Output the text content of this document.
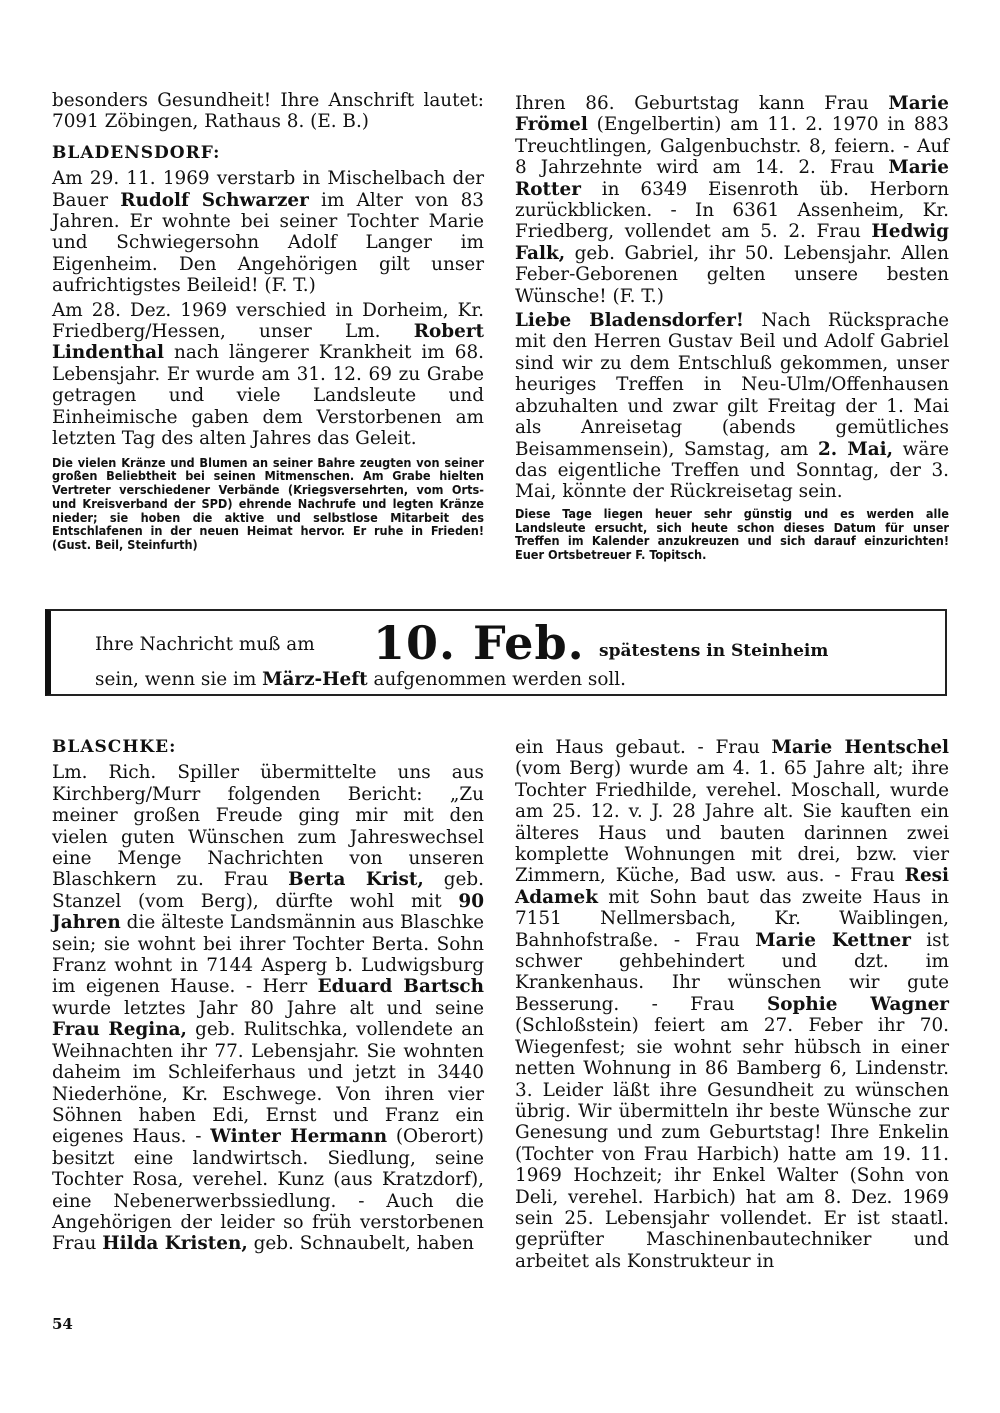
besonders Gesundheit! Ihre Anschrift lautet: 7091 Zöbingen, Rathaus 8. (E. B.)

BLADENSDORF:

Am 29. 11. 1969 verstarb in Mischelbach der Bauer Rudolf Schwarzer im Alter von 83 Jahren. Er wohnte bei seiner Tochter Marie und Schwiegersohn Adolf Langer im Eigenheim. Den Angehörigen gilt unser aufrichtigstes Beileid! (F. T.)

Am 28. Dez. 1969 verschied in Dorheim, Kr. Friedberg/Hessen, unser Lm. Robert Lindenthal nach längerer Krankheit im 68. Lebensjahr. Er wurde am 31. 12. 69 zu Grabe getragen und viele Landsleute und Einheimische gaben dem Verstorbenen am letzten Tag des alten Jahres das Geleit.

Die vielen Kränze und Blumen an seiner Bahre zeugten von seiner großen Beliebtheit bei seinen Mitmenschen. Am Grabe hielten Vertreter verschiedener Verbände (Kriegsversehrten, vom Orts- und Kreisverband der SPD) ehrende Nachrufe und legten Kränze nieder; sie hoben die aktive und selbstlose Mitarbeit des Entschlafenen in der neuen Heimat hervor. Er ruhe in Frieden! (Gust. Beil, Steinfurth)

Ihren 86. Geburtstag kann Frau Marie Frömel (Engelbertin) am 11. 2. 1970 in 883 Treuchtlingen, Galgenbuchstr. 8, feiern. - Auf 8 Jahrzehnte wird am 14. 2. Frau Marie Rotter in 6349 Eisenroth üb. Herborn zurückblicken. - In 6361 Assenheim, Kr. Friedberg, vollendet am 5. 2. Frau Hedwig Falk, geb. Gabriel, ihr 50. Lebensjahr. Allen Feber-Geborenen gelten unsere besten Wünsche! (F. T.)

Liebe Bladensdorfer! Nach Rücksprache mit den Herren Gustav Beil und Adolf Gabriel sind wir zu dem Entschluß gekommen, unser heuriges Treffen in Neu-Ulm/Offenhausen abzuhalten und zwar gilt Freitag der 1. Mai als Anreisetag (abends gemütliches Beisammensein), Samstag, am 2. Mai, wäre das eigentliche Treffen und Sonntag, der 3. Mai, könnte der Rückreisetag sein.

Diese Tage liegen heuer sehr günstig und es werden alle Landsleute ersucht, sich heute schon dieses Datum für unser Treffen im Kalender anzukreuzen und sich darauf einzurichten! Euer Ortsbetreuer F. Topitsch.

Ihre Nachricht muß am 10. Feb. spätestens in Steinheim
sein, wenn sie im März-Heft aufgenommen werden soll.
BLASCHKE:

Lm. Rich. Spiller übermittelte uns aus Kirchberg/Murr folgenden Bericht: „Zu meiner großen Freude ging mir mit den vielen guten Wünschen zum Jahreswechsel eine Menge Nachrichten von unseren Blaschkern zu. Frau Berta Krist, geb. Stanzel (vom Berg), dürfte wohl mit 90 Jahren die älteste Landsmännin aus Blaschke sein; sie wohnt bei ihrer Tochter Berta. Sohn Franz wohnt in 7144 Asperg b. Ludwigsburg im eigenen Hause. - Herr Eduard Bartsch wurde letztes Jahr 80 Jahre alt und seine Frau Regina, geb. Rulitschka, vollendete an Weihnachten ihr 77. Lebensjahr. Sie wohnten daheim im Schleiferhaus und jetzt in 3440 Niederhöne, Kr. Eschwege. Von ihren vier Söhnen haben Edi, Ernst und Franz ein eigenes Haus. - Winter Hermann (Oberort) besitzt eine landwirtsch. Siedlung, seine Tochter Rosa, verehel. Kunz (aus Kratzdorf), eine Nebenerwerbssiedlung. - Auch die Angehörigen der leider so früh verstorbenen Frau Hilda Kristen, geb. Schnaubelt, haben

ein Haus gebaut. - Frau Marie Hentschel (vom Berg) wurde am 4. 1. 65 Jahre alt; ihre Tochter Friedhilde, verehel. Moschall, wurde am 25. 12. v. J. 28 Jahre alt. Sie kauften ein älteres Haus und bauten darinnen zwei komplette Wohnungen mit drei, bzw. vier Zimmern, Küche, Bad usw. aus. - Frau Resi Adamek mit Sohn baut das zweite Haus in 7151 Nellmersbach, Kr. Waiblingen, Bahnhofstraße. - Frau Marie Kettner ist schwer gehbehindert und dzt. im Krankenhaus. Ihr wünschen wir gute Besserung. - Frau Sophie Wagner (Schloßstein) feiert am 27. Feber ihr 70. Wiegenfest; sie wohnt sehr hübsch in einer netten Wohnung in 86 Bamberg 6, Lindenstr. 3. Leider läßt ihre Gesundheit zu wünschen übrig. Wir übermitteln ihr beste Wünsche zur Genesung und zum Geburtstag! Ihre Enkelin (Tochter von Frau Harbich) hatte am 19. 11. 1969 Hochzeit; ihr Enkel Walter (Sohn von Deli, verehel. Harbich) hat am 8. Dez. 1969 sein 25. Lebensjahr vollendet. Er ist staatl. geprüfter Maschinenbautechniker und arbeitet als Konstrukteur in

54
